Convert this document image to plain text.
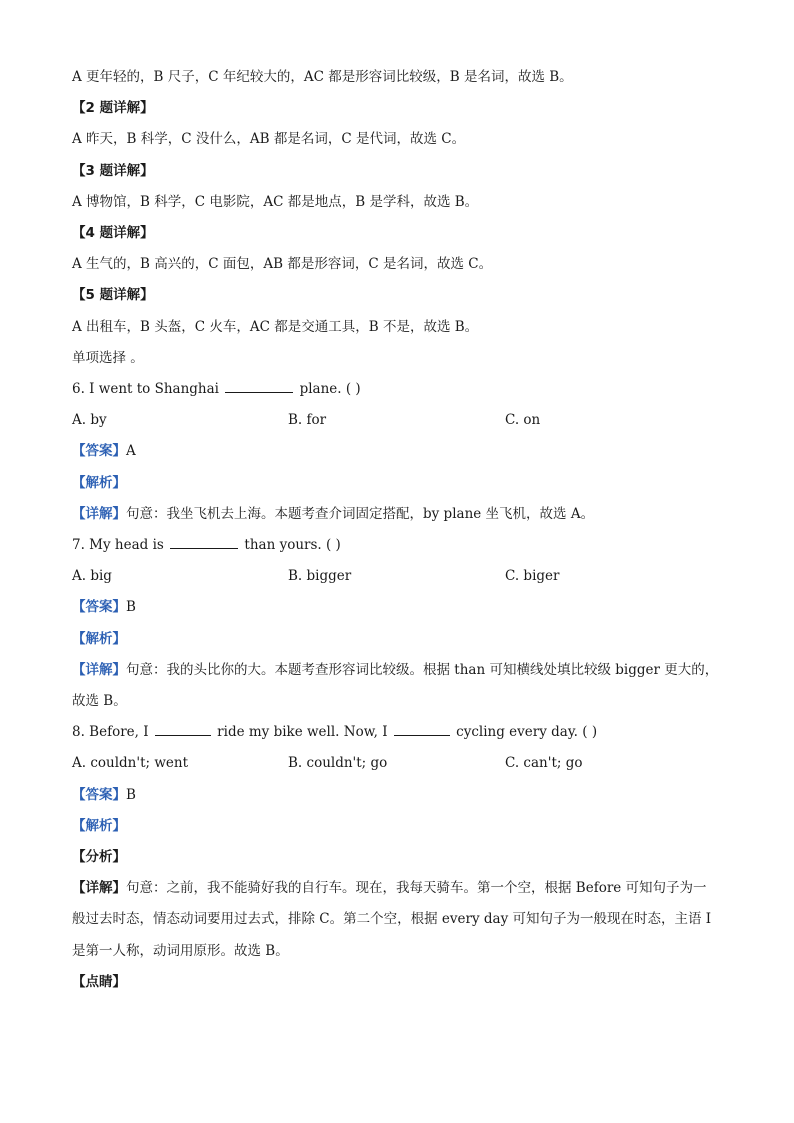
A 更年轻的，B 尺子，C 年纪较大的，AC 都是形容词比较级，B 是名词，故选 B。
【2 题详解】
A 昨天，B 科学，C 没什么，AB 都是名词，C 是代词，故选 C。
【3 题详解】
A 博物馆，B 科学，C 电影院，AC 都是地点，B 是学科，故选 B。
【4 题详解】
A 生气的，B 高兴的，C 面包，AB 都是形容词，C 是名词，故选 C。
【5 题详解】
A 出租车，B 头盔，C 火车，AC 都是交通工具，B 不是，故选 B。
单项选择 。
6. I went to Shanghai	plane. ( )
A. by	B. for	C. on
【答案】A
【解析】
【详解】句意：我坐飞机去上海。本题考查介词固定搭配，by plane 坐飞机，故选 A。
7. My head is	than yours. ( )
A. big	B. bigger	C. biger
【答案】B
【解析】
【详解】句意：我的头比你的大。本题考查形容词比较级。根据 than 可知横线处填比较级 bigger 更大的，
故选 B。
8. Before, I	ride my bike well. Now, I	cycling every day. ( )
A. couldn't; went	B. couldn't; go	C. can't; go
【答案】B
【解析】
【分析】
【详解】句意：之前，我不能骑好我的自行车。现在，我每天骑车。第一个空，根据 Before 可知句子为一
般过去时态，情态动词要用过去式，排除 C。第二个空，根据 every day 可知句子为一般现在时态，主语 I
是第一人称，动词用原形。故选 B。
【点睛】
